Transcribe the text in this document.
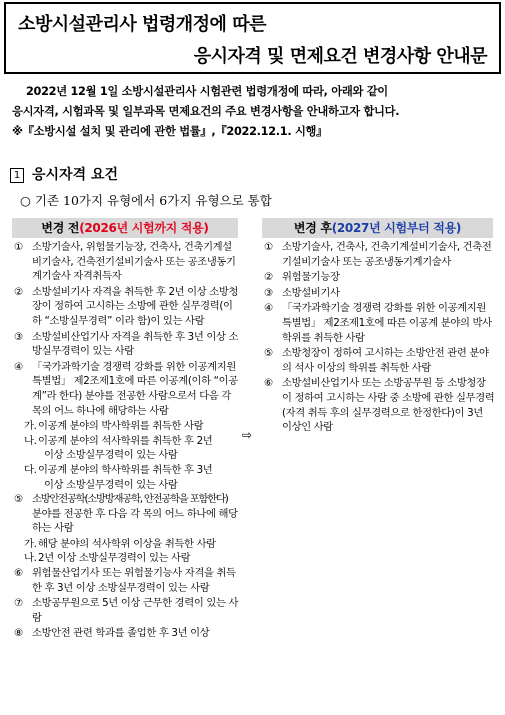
소방시설관리사 법령개정에 따른
응시자격 및 면제요건 변경사항 안내문
2022년 12월 1일 소방시설관리사 시험관련 법령개정에 따라, 아래와 같이
응시자격, 시험과목 및 일부과목 면제요건의 주요 변경사항을 안내하고자 합니다.
※『소방시설 설치 및 관리에 관한 법률』,『2022.12.1. 시행』
1 응시자격 요건
○ 기존 10가지 유형에서 6가지 유형으로 통합
변경 전(2026년 시험까지 적용)	변경 후(2027년 시험부터 적용)
① 소방기술사, 위험물기능장, 건축사, 건축기계설비기술사, 건축전기설비기술사 또는 공조냉동기계기술사 자격취득자
② 소방설비기사 자격을 취득한 후 2년 이상 소방청장이 정하여 고시하는 소방에 관한 실무경력(이하 “소방실무경력” 이라 함)이 있는 사람
③ 소방설비산업기사 자격을 취득한 후 3년 이상 소방실무경력이 있는 사람
④ 「국가과학기술 경쟁력 강화를 위한 이공계지원 특별법」 제2조제1호에 따른 이공계(이하 “이공계”라 한다) 분야를 전공한 사람으로서 다음 각 목의 어느 하나에 해당하는 사람
가. 이공계 분야의 박사학위를 취득한 사람
나. 이공계 분야의 석사학위를 취득한 후 2년
이상 소방실무경력이 있는 사람
다. 이공계 분야의 학사학위를 취득한 후 3년
이상 소방실무경력이 있는 사람
⑤ 소방안전공학(소방방재공학, 안전공학을 포함한다) 분야를 전공한 후 다음 각 목의 어느 하나에 해당하는 사람
가. 해당 분야의 석사학위 이상을 취득한 사람
나. 2년 이상 소방실무경력이 있는 사람
⑥ 위험물산업기사 또는 위험물기능사 자격을 취득한 후 3년 이상 소방실무경력이 있는 사람
⑦ 소방공무원으로 5년 이상 근무한 경력이 있는 사람
⑧ 소방안전 관련 학과를 졸업한 후 3년 이상
⇨
① 소방기술사, 건축사, 건축기계설비기술사, 건축전기설비기술사 또는 공조냉동기계기술사
② 위험물기능장
③ 소방설비기사
④ 「국가과학기술 경쟁력 강화를 위한 이공계지원 특별법」 제2조제1호에 따른 이공계 분야의 박사학위를 취득한 사람
⑤ 소방청장이 정하여 고시하는 소방안전 관련 분야의 석사 이상의 학위를 취득한 사람
⑥ 소방설비산업기사 또는 소방공무원 등 소방청장이 정하여 고시하는 사람 중 소방에 관한 실무경력(자격 취득 후의 실무경력으로 한정한다)이 3년 이상인 사람
